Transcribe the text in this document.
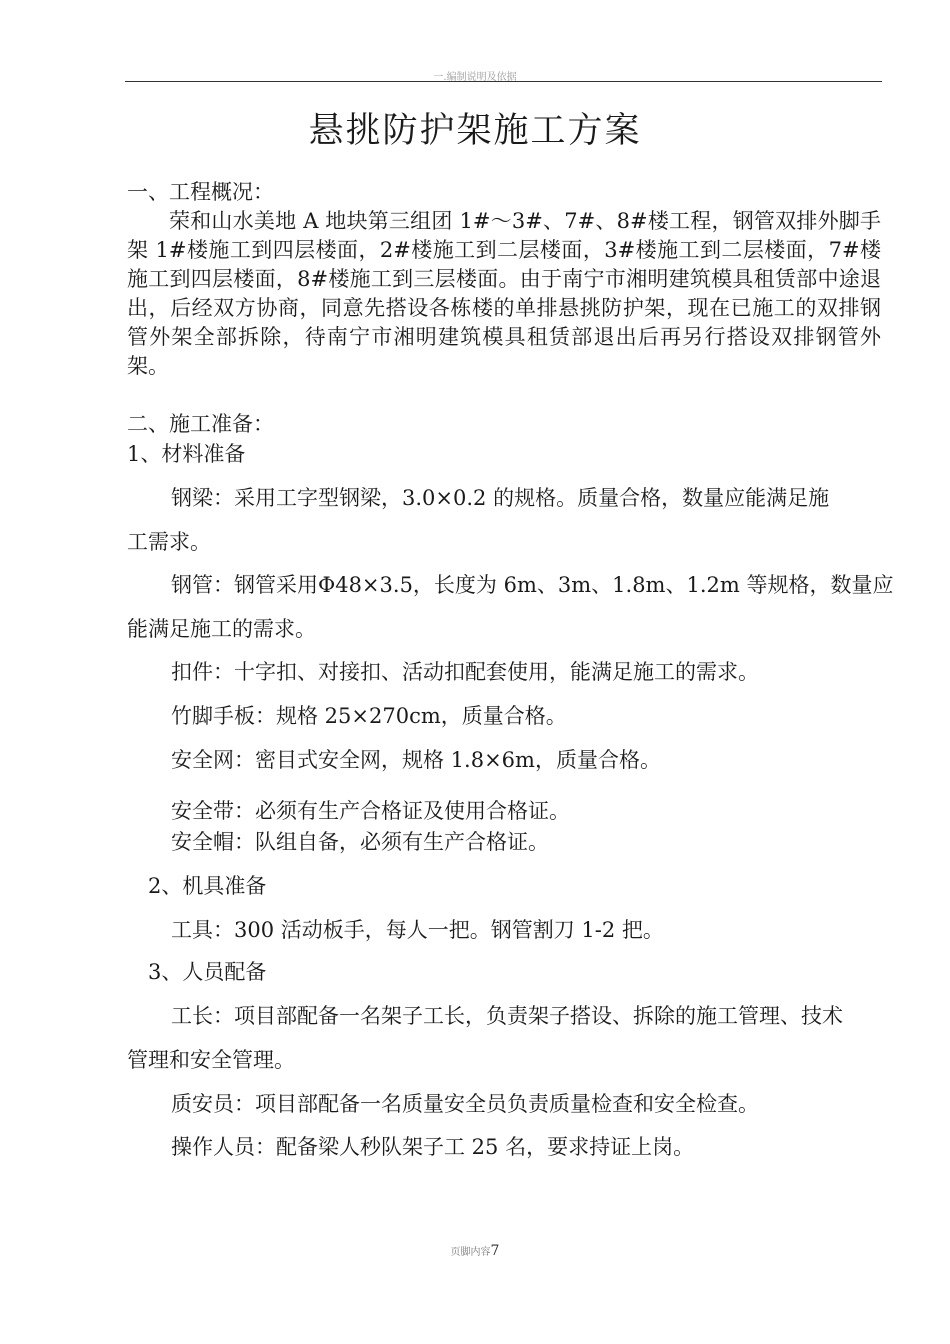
一.编制说明及依据
悬挑防护架施工方案
一、工程概况：
荣和山水美地 A 地块第三组团 1#～3#、7#、8#楼工程，钢管双排外脚手架 1#楼施工到四层楼面，2#楼施工到二层楼面，3#楼施工到二层楼面，7#楼施工到四层楼面，8#楼施工到三层楼面。由于南宁市湘明建筑模具租赁部中途退出，后经双方协商，同意先搭设各栋楼的单排悬挑防护架，现在已施工的双排钢管外架全部拆除，待南宁市湘明建筑模具租赁部退出后再另行搭设双排钢管外架。
二、施工准备：
1、材料准备
钢梁：采用工字型钢梁，3.0×0.2 的规格。质量合格，数量应能满足施
工需求。
钢管：钢管采用Φ48×3.5，长度为 6m、3m、1.8m、1.2m 等规格，数量应
能满足施工的需求。
扣件：十字扣、对接扣、活动扣配套使用，能满足施工的需求。
竹脚手板：规格 25×270cm，质量合格。
安全网：密目式安全网，规格 1.8×6m，质量合格。
安全带：必须有生产合格证及使用合格证。
安全帽：队组自备，必须有生产合格证。
2、机具准备
工具：300 活动板手，每人一把。钢管割刀 1-2 把。
3、人员配备
工长：项目部配备一名架子工长，负责架子搭设、拆除的施工管理、技术
管理和安全管理。
质安员：项目部配备一名质量安全员负责质量检查和安全检查。
操作人员：配备梁人秒队架子工 25 名，要求持证上岗。
页脚内容7
